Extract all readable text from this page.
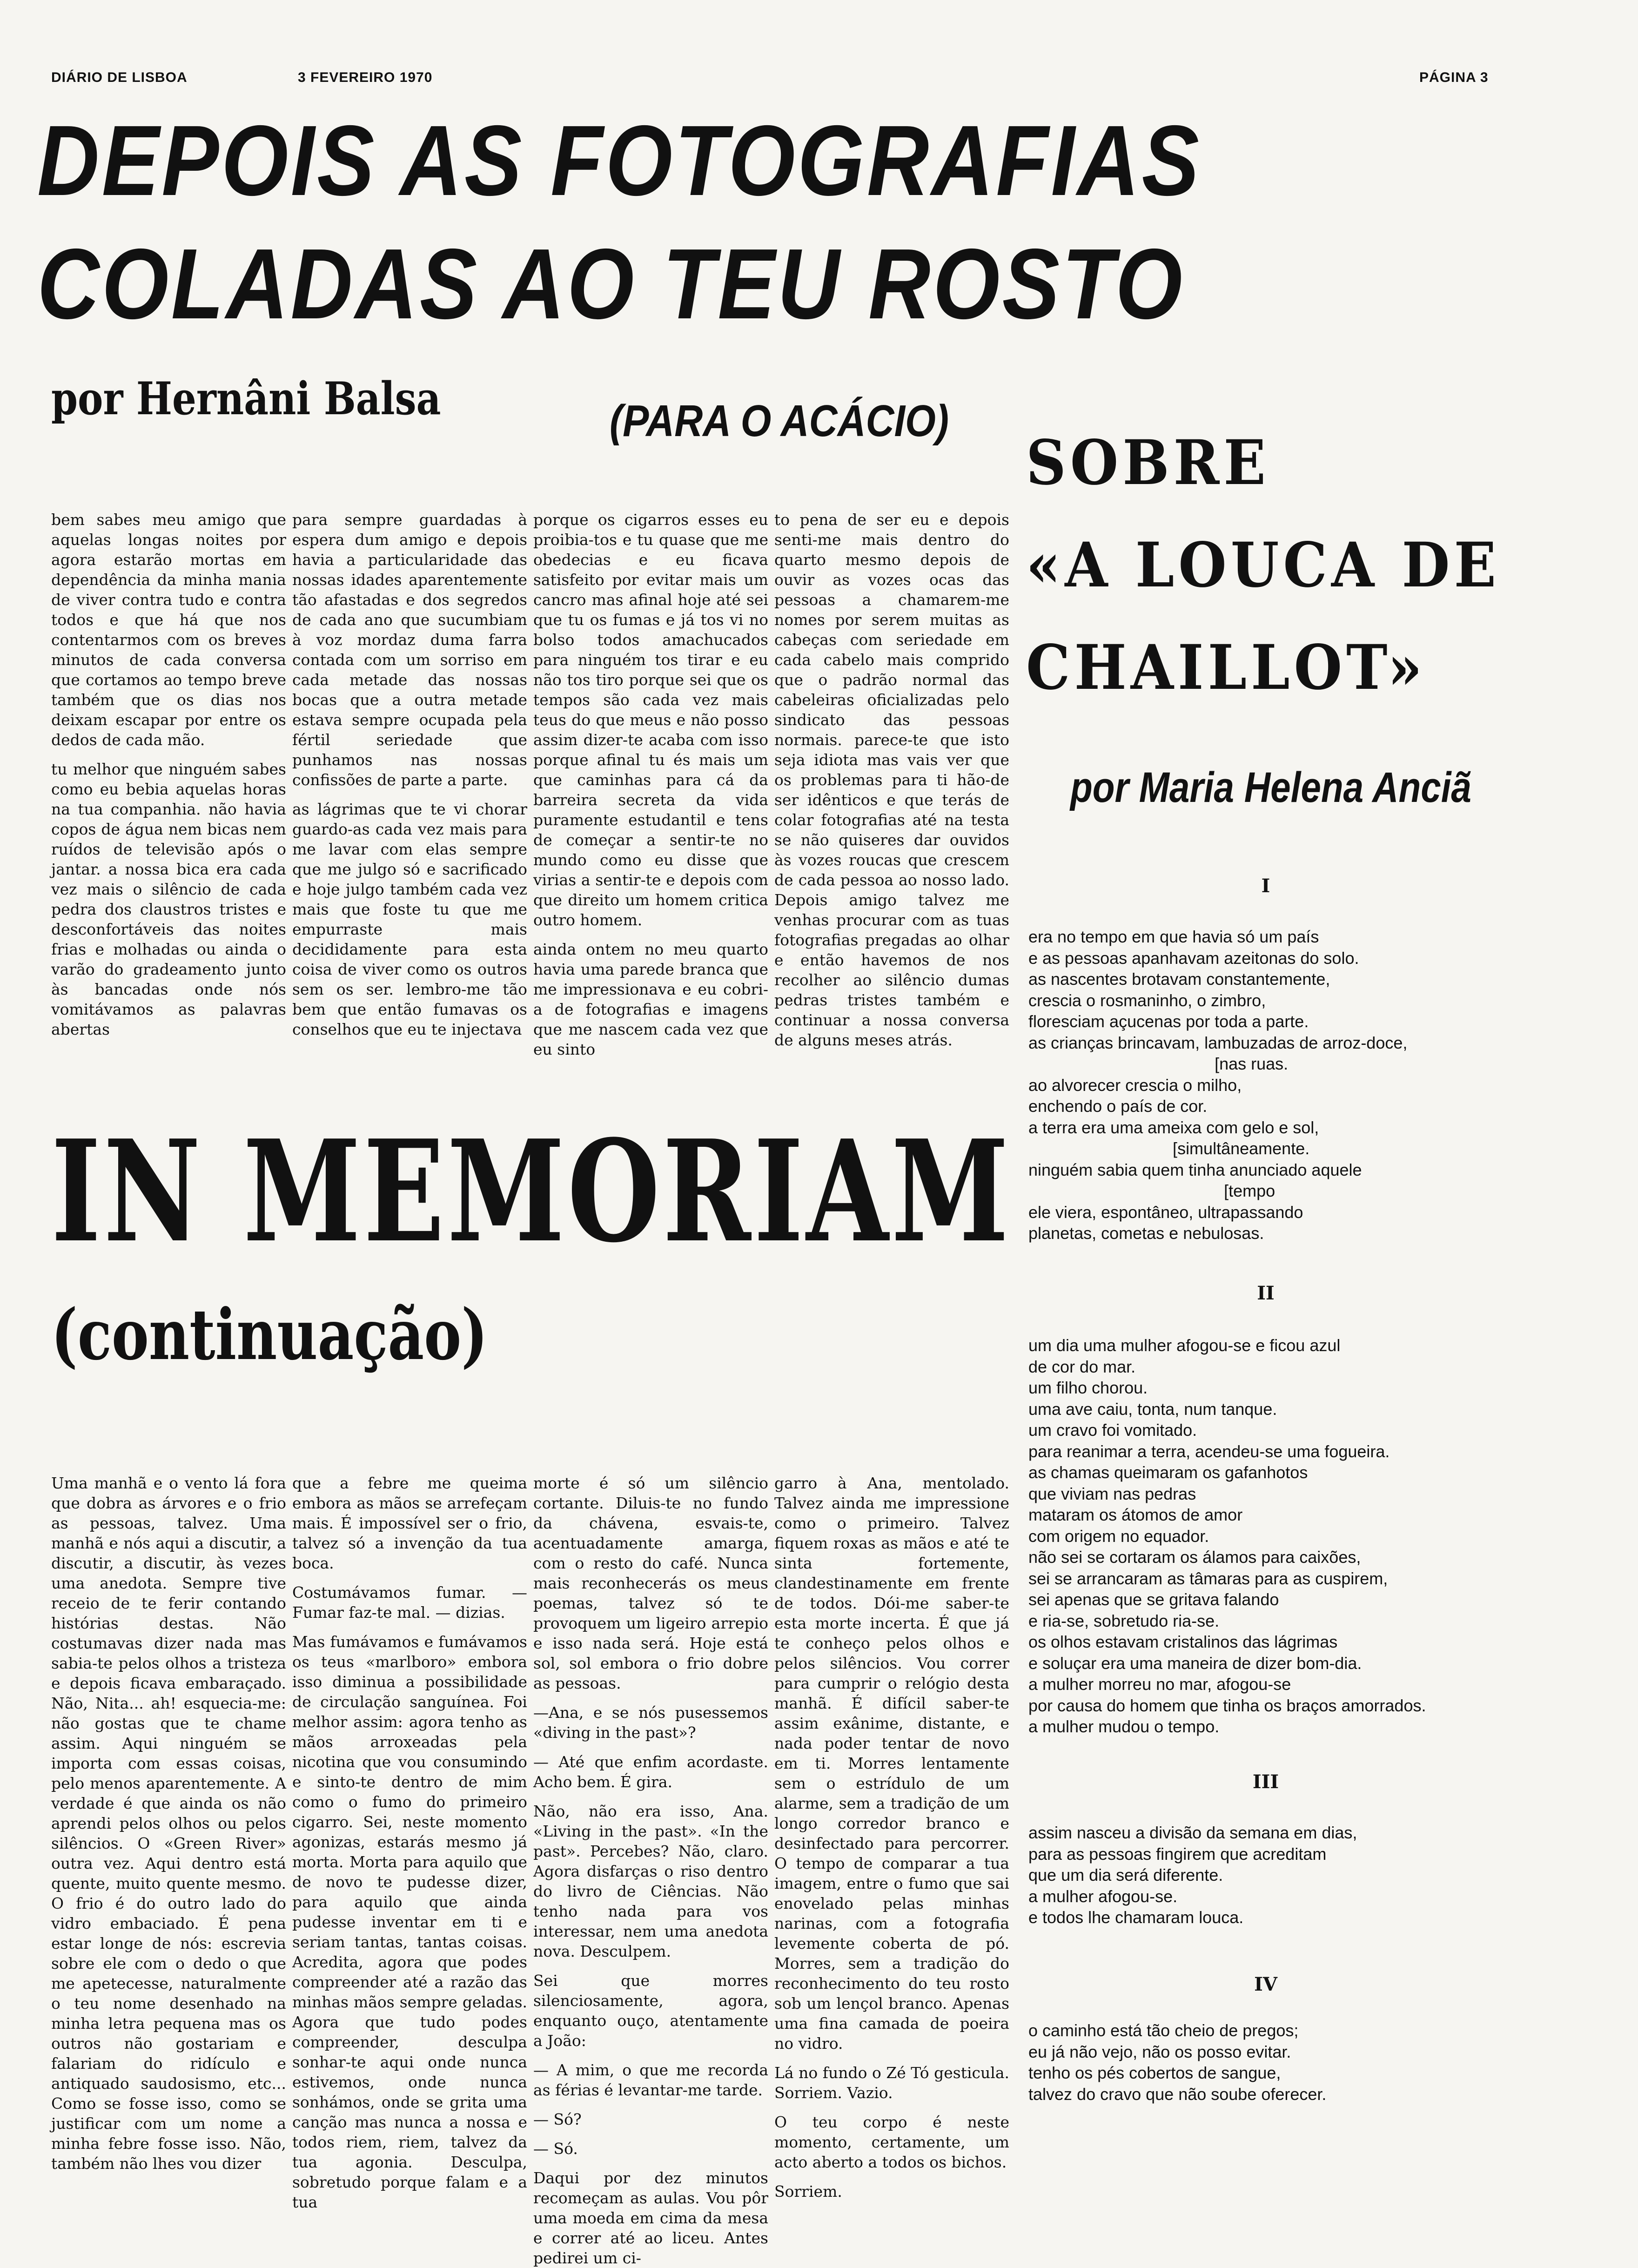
DIÁRIO DE LISBOA	3 FEVEREIRO 1970	PÁGINA 3
DEPOIS AS FOTOGRAFIAS
COLADAS AO TEU ROSTO
por Hernâni Balsa	(PARA O ACÁCIO)

bem sabes meu amigo que aquelas longas noites por agora estarão mortas em dependência da minha mania de viver contra tudo e contra todos e que há que nos contentarmos com os breves minutos de cada conversa que cortamos ao tempo breve também que os dias nos deixam escapar por entre os dedos de cada mão.

tu melhor que ninguém sabes como eu bebia aquelas horas na tua companhia. não havia copos de água nem bicas nem ruídos de televisão após o jantar. a nossa bica era cada vez mais o silêncio de cada pedra dos claustros tristes e desconfortáveis das noites frias e molhadas ou ainda o varão do gradeamento junto às bancadas onde nós vomitávamos as palavras abertas

para sempre guardadas à espera dum amigo e depois havia a particularidade das nossas idades aparentemente tão afastadas e dos segredos de cada ano que sucumbiam à voz mordaz duma farra contada com um sorriso em cada metade das nossas bocas que a outra metade estava sempre ocupada pela fértil seriedade que punhamos nas nossas confissões de parte a parte.

as lágrimas que te vi chorar guardo-as cada vez mais para me lavar com elas sempre que me julgo só e sacrificado e hoje julgo também cada vez mais que foste tu que me empurraste mais decididamente para esta coisa de viver como os outros sem os ser. lembro-me tão bem que então fumavas os conselhos que eu te injectava

porque os cigarros esses eu proibia-tos e tu quase que me obedecias e eu ficava satisfeito por evitar mais um cancro mas afinal hoje até sei que tu os fumas e já tos vi no bolso todos amachucados para ninguém tos tirar e eu não tos tiro porque sei que os tempos são cada vez mais teus do que meus e não posso assim dizer-te acaba com isso porque afinal tu és mais um que caminhas para cá da barreira secreta da vida puramente estudantil e tens de começar a sentir-te no mundo como eu disse que virias a sentir-te e depois com que direito um homem critica outro homem.

ainda ontem no meu quarto havia uma parede branca que me impressionava e eu cobri-a de fotografias e imagens que me nascem cada vez que eu sinto

to pena de ser eu e depois senti-me mais dentro do quarto mesmo depois de ouvir as vozes ocas das pessoas a chamarem-me nomes por serem muitas as cabeças com seriedade em cada cabelo mais comprido que o padrão normal das cabeleiras oficializadas pelo sindicato das pessoas normais. parece-te que isto seja idiota mas vais ver que os problemas para ti hão-de ser idênticos e que terás de colar fotografias até na testa se não quiseres dar ouvidos às vozes roucas que crescem de cada pessoa ao nosso lado. Depois amigo talvez me venhas procurar com as tuas fotografias pregadas ao olhar e então havemos de nos recolher ao silêncio dumas pedras tristes também e continuar a nossa conversa de alguns meses atrás.

SOBRE
«A LOUCA DE
CHAILLOT»
por Maria Helena Anciã
I
era no tempo em que havia só um país
e as pessoas apanhavam azeitonas do solo.
as nascentes brotavam constantemente,
crescia o rosmaninho, o zimbro,
floresciam açucenas por toda a parte.
as crianças brincavam, lambuzadas de arroz-doce,
[nas ruas.
ao alvorecer crescia o milho,
enchendo o país de cor.
a terra era uma ameixa com gelo e sol,
[simultâneamente.
ninguém sabia quem tinha anunciado aquele
[tempo
ele viera, espontâneo, ultrapassando
planetas, cometas e nebulosas.
II
um dia uma mulher afogou-se e ficou azul
de cor do mar.
um filho chorou.
uma ave caiu, tonta, num tanque.
um cravo foi vomitado.
para reanimar a terra, acendeu-se uma fogueira.
as chamas queimaram os gafanhotos
que viviam nas pedras
mataram os átomos de amor
com origem no equador.
não sei se cortaram os álamos para caixões,
sei se arrancaram as tâmaras para as cuspirem,
sei apenas que se gritava falando
e ria-se, sobretudo ria-se.
os olhos estavam cristalinos das lágrimas
e soluçar era uma maneira de dizer bom-dia.
a mulher morreu no mar, afogou-se
por causa do homem que tinha os braços amorrados.
a mulher mudou o tempo.
III
assim nasceu a divisão da semana em dias,
para as pessoas fingirem que acreditam
que um dia será diferente.
a mulher afogou-se.
e todos lhe chamaram louca.
IV
o caminho está tão cheio de pregos;
eu já não vejo, não os posso evitar.
tenho os pés cobertos de sangue,
talvez do cravo que não soube oferecer.
IN MEMORIAM
(continuação)

Uma manhã e o vento lá fora que dobra as árvores e o frio as pessoas, talvez. Uma manhã e nós aqui a discutir, a discutir, a discutir, às vezes uma anedota. Sempre tive receio de te ferir contando histórias destas. Não costumavas dizer nada mas sabia-te pelos olhos a tristeza e depois ficava embaraçado. Não, Nita... ah! esquecia-me: não gostas que te chame assim. Aqui ninguém se importa com essas coisas, pelo menos aparentemente. A verdade é que ainda os não aprendi pelos olhos ou pelos silêncios. O «Green River» outra vez. Aqui dentro está quente, muito quente mesmo. O frio é do outro lado do vidro embaciado. É pena estar longe de nós: escrevia sobre ele com o dedo o que me apetecesse, naturalmente o teu nome desenhado na minha letra pequena mas os outros não gostariam e falariam do ridículo e antiquado saudosismo, etc... Como se fosse isso, como se justificar com um nome a minha febre fosse isso. Não, também não lhes vou dizer

que a febre me queima embora as mãos se arrefeçam mais. É impossível ser o frio, talvez só a invenção da tua boca.

Costumávamos fumar. — Fumar faz-te mal. — dizias.

Mas fumávamos e fumávamos os teus «marlboro» embora isso diminua a possibilidade de circulação sanguínea. Foi melhor assim: agora tenho as mãos arroxeadas pela nicotina que vou consumindo e sinto-te dentro de mim como o fumo do primeiro cigarro. Sei, neste momento agonizas, estarás mesmo já morta. Morta para aquilo que de novo te pudesse dizer, para aquilo que ainda pudesse inventar em ti e seriam tantas, tantas coisas. Acredita, agora que podes compreender até a razão das minhas mãos sempre geladas. Agora que tudo podes compreender, desculpa sonhar-te aqui onde nunca estivemos, onde nunca sonhámos, onde se grita uma canção mas nunca a nossa e todos riem, riem, talvez da tua agonia. Desculpa, sobretudo porque falam e a tua

morte é só um silêncio cortante. Diluis-te no fundo da chávena, esvais-te, acentuadamente amarga, com o resto do café. Nunca mais reconhecerás os meus poemas, talvez só te provoquem um ligeiro arrepio e isso nada será. Hoje está sol, sol embora o frio dobre as pessoas.

—Ana, e se nós pusessemos «diving in the past»?

— Até que enfim acordaste. Acho bem. É gira.

Não, não era isso, Ana. «Living in the past». «In the past». Percebes? Não, claro. Agora disfarças o riso dentro do livro de Ciências. Não tenho nada para vos interessar, nem uma anedota nova. Desculpem.

Sei que morres silenciosamente, agora, enquanto ouço, atentamente a João:

— A mim, o que me recorda as férias é levantar-me tarde.

— Só?

— Só.

Daqui por dez minutos recomeçam as aulas. Vou pôr uma moeda em cima da mesa e correr até ao liceu. Antes pedirei um ci-

garro à Ana, mentolado. Talvez ainda me impressione como o primeiro. Talvez fiquem roxas as mãos e até te sinta fortemente, clandestinamente em frente de todos. Dói-me saber-te esta morte incerta. É que já te conheço pelos olhos e pelos silêncios. Vou correr para cumprir o relógio desta manhã. É difícil saber-te assim exânime, distante, e nada poder tentar de novo em ti. Morres lentamente sem o estrídulo de um alarme, sem a tradição de um longo corredor branco e desinfectado para percorrer. O tempo de comparar a tua imagem, entre o fumo que sai enovelado pelas minhas narinas, com a fotografia levemente coberta de pó. Morres, sem a tradição do reconhecimento do teu rosto sob um lençol branco. Apenas uma fina camada de poeira no vidro.

Lá no fundo o Zé Tó gesticula. Sorriem. Vazio.

O teu corpo é neste momento, certamente, um acto aberto a todos os bichos.

Sorriem.
